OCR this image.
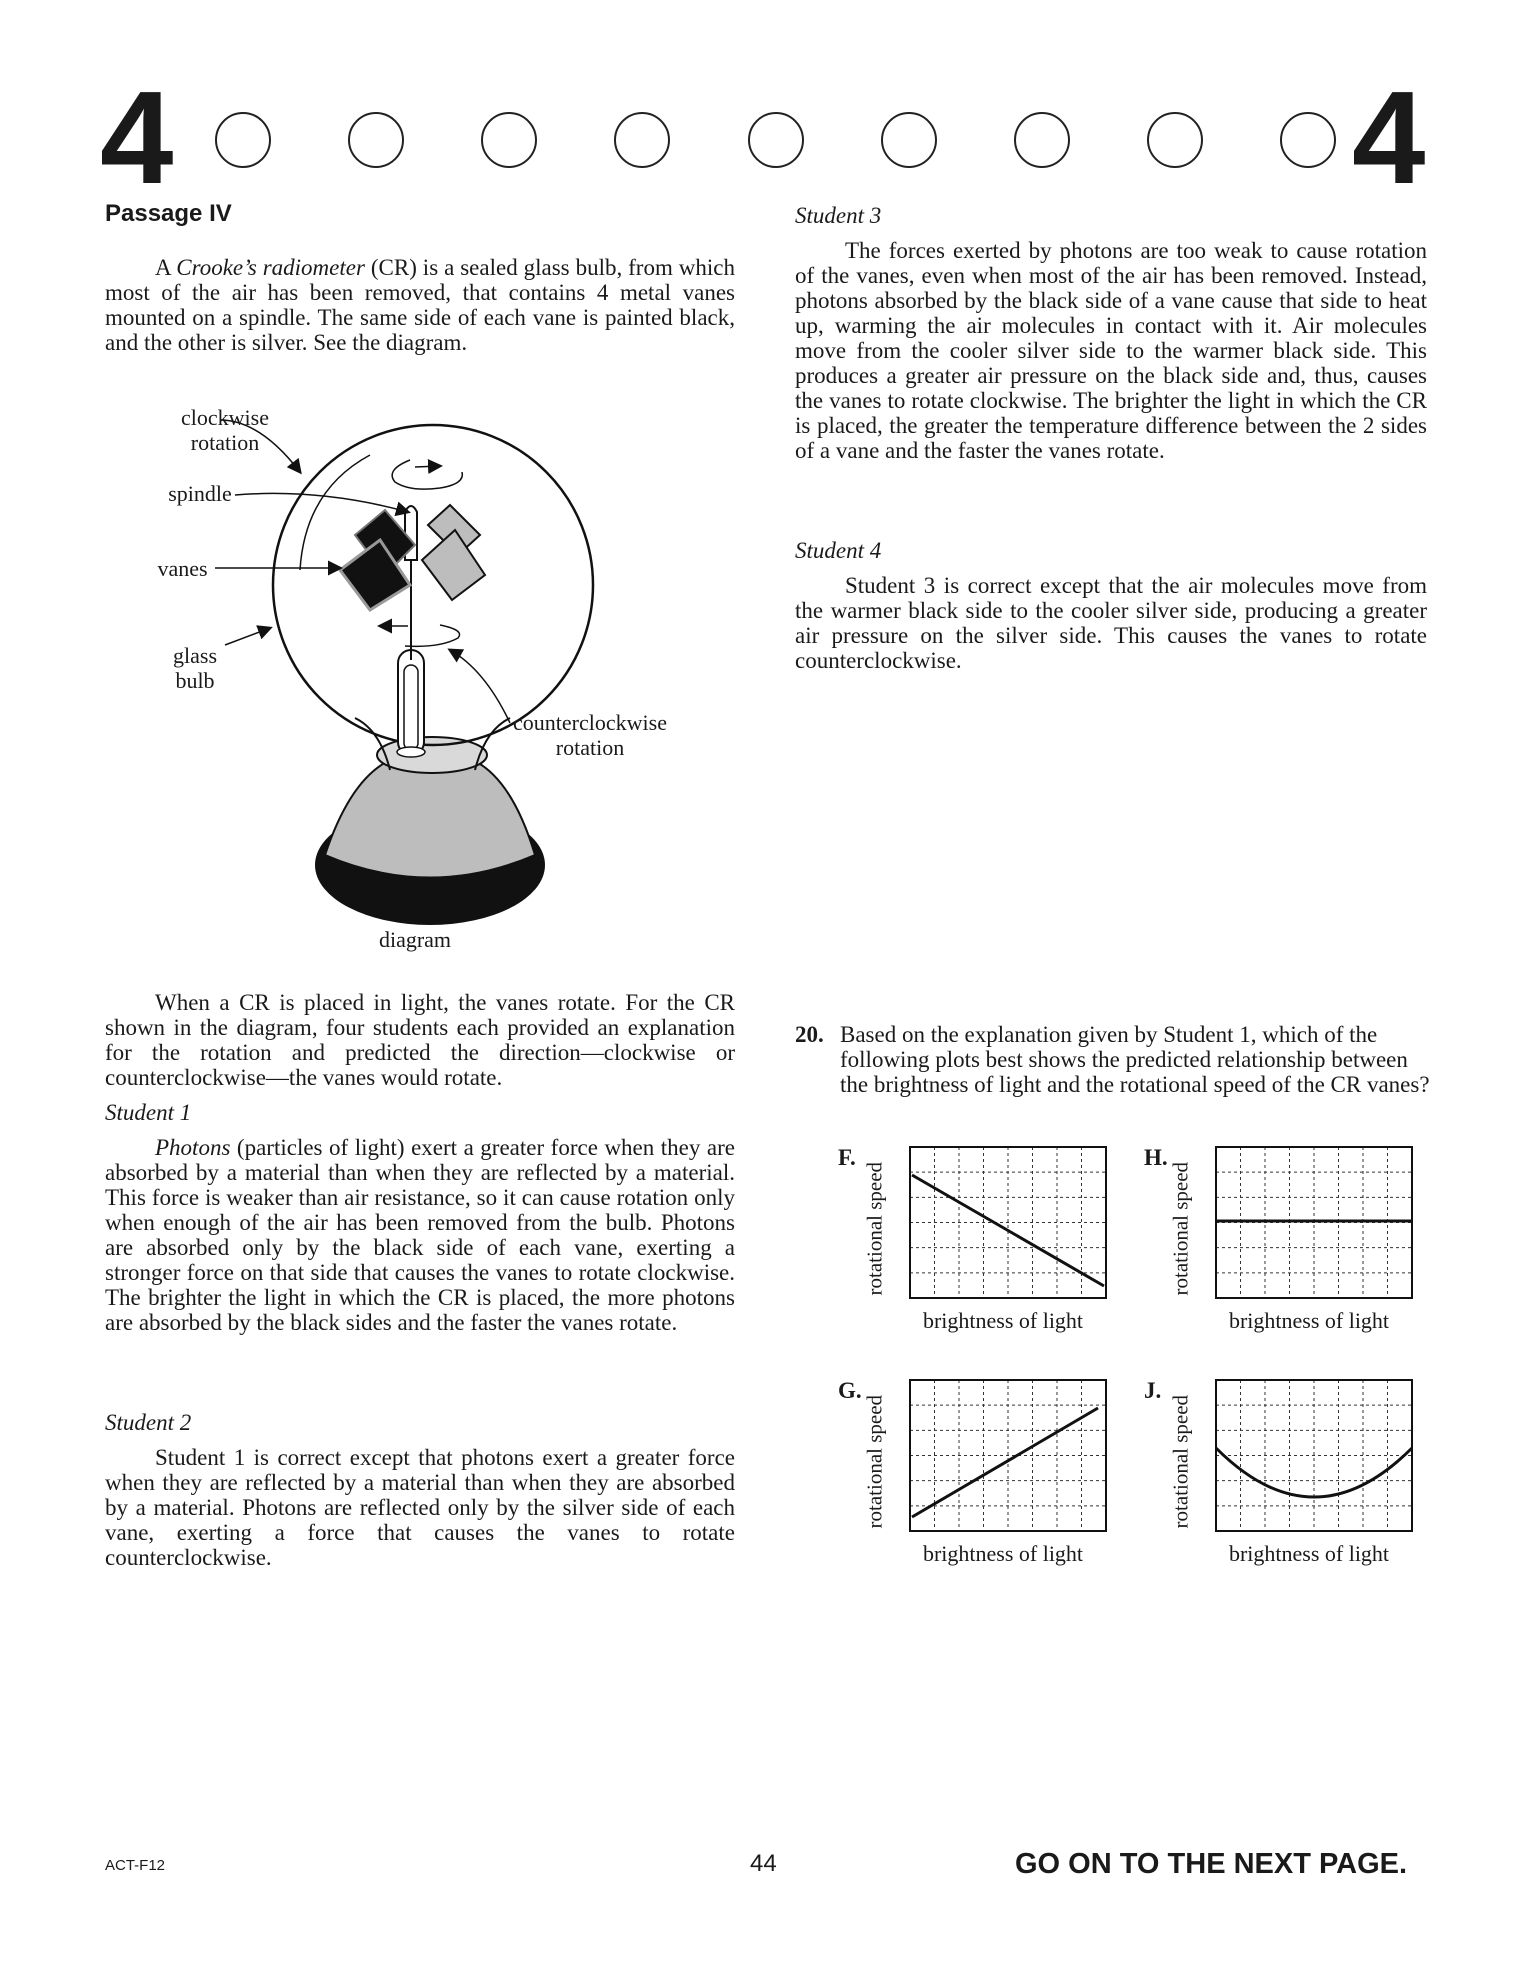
4	4
Passage IV

A Crooke’s radiometer (CR) is a sealed glass bulb, from which most of the air has been removed, that contains 4 metal vanes mounted on a spindle. The same side of each vane is painted black, and the other is silver. See the diagram.

clockwise rotation
spindle
vanes
glass bulb
counterclockwise rotation
diagram

When a CR is placed in light, the vanes rotate. For the CR shown in the diagram, four students each provided an explanation for the rotation and predicted the direction—clockwise or counterclockwise—the vanes would rotate.

Student 1

Photons (particles of light) exert a greater force when they are absorbed by a material than when they are reflected by a material. This force is weaker than air resistance, so it can cause rotation only when enough of the air has been removed from the bulb. Photons are absorbed only by the black side of each vane, exerting a stronger force on that side that causes the vanes to rotate clockwise. The brighter the light in which the CR is placed, the more photons are absorbed by the black sides and the faster the vanes rotate.

Student 2

Student 1 is correct except that photons exert a greater force when they are reflected by a material than when they are absorbed by a material. Photons are reflected only by the silver side of each vane, exerting a force that causes the vanes to rotate counterclockwise.

Student 3

The forces exerted by photons are too weak to cause rotation of the vanes, even when most of the air has been removed. Instead, photons absorbed by the black side of a vane cause that side to heat up, warming the air molecules in contact with it. Air molecules move from the cooler silver side to the warmer black side. This produces a greater air pressure on the black side and, thus, causes the vanes to rotate clockwise. The brighter the light in which the CR is placed, the greater the temperature difference between the 2 sides of a vane and the faster the vanes rotate.

Student 4

Student 3 is correct except that the air molecules move from the warmer black side to the cooler silver side, producing a greater air pressure on the silver side. This causes the vanes to rotate counterclockwise.

20. Based on the explanation given by Student 1, which of the following plots best shows the predicted relationship between the brightness of light and the rotational speed of the CR vanes?
F.
rotational speed
brightness of light
H.
rotational speed
brightness of light
G.
rotational speed
brightness of light
J.
rotational speed
brightness of light
ACT-F12	44	GO ON TO THE NEXT PAGE.
